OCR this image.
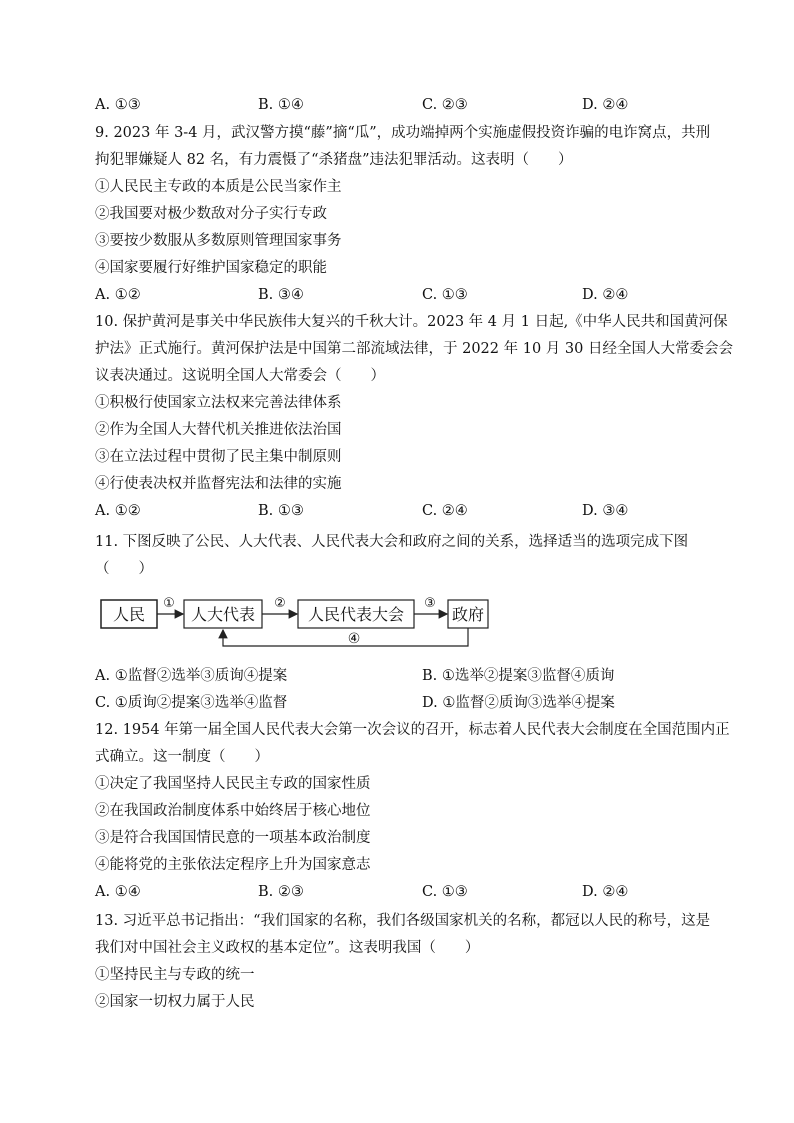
A. ①③	B. ①④	C. ②③	D. ②④
9. 2023 年 3-4 月，武汉警方摸“藤”摘“瓜”，成功端掉两个实施虚假投资诈骗的电诈窝点，共刑
拘犯罪嫌疑人 82 名，有力震慑了“杀猪盘”违法犯罪活动。这表明（　　）
①人民民主专政的本质是公民当家作主
②我国要对极少数敌对分子实行专政
③要按少数服从多数原则管理国家事务
④国家要履行好维护国家稳定的职能
A. ①②	B. ③④	C. ①③	D. ②④
10. 保护黄河是事关中华民族伟大复兴的千秋大计。2023 年 4 月 1 日起,《中华人民共和国黄河保
护法》正式施行。黄河保护法是中国第二部流域法律，于 2022 年 10 月 30 日经全国人大常委会会
议表决通过。这说明全国人大常委会（　　）
①积极行使国家立法权来完善法律体系
②作为全国人大替代机关推进依法治国
③在立法过程中贯彻了民主集中制原则
④行使表决权并监督宪法和法律的实施
A. ①②	B. ①③	C. ②④	D. ③④
11. 下图反映了公民、人大代表、人民代表大会和政府之间的关系，选择适当的选项完成下图
（　　）
人民	人大代表	人民代表大会	政府
①	②	③
④
A. ①监督②选举③质询④提案	B. ①选举②提案③监督④质询
C. ①质询②提案③选举④监督	D. ①监督②质询③选举④提案
12. 1954 年第一届全国人民代表大会第一次会议的召开，标志着人民代表大会制度在全国范围内正
式确立。这一制度（　　）
①决定了我国坚持人民民主专政的国家性质
②在我国政治制度体系中始终居于核心地位
③是符合我国国情民意的一项基本政治制度
④能将党的主张依法定程序上升为国家意志
A. ①④	B. ②③	C. ①③	D. ②④
13. 习近平总书记指出：“我们国家的名称，我们各级国家机关的名称，都冠以人民的称号，这是
我们对中国社会主义政权的基本定位”。这表明我国（　　）
①坚持民主与专政的统一
②国家一切权力属于人民
